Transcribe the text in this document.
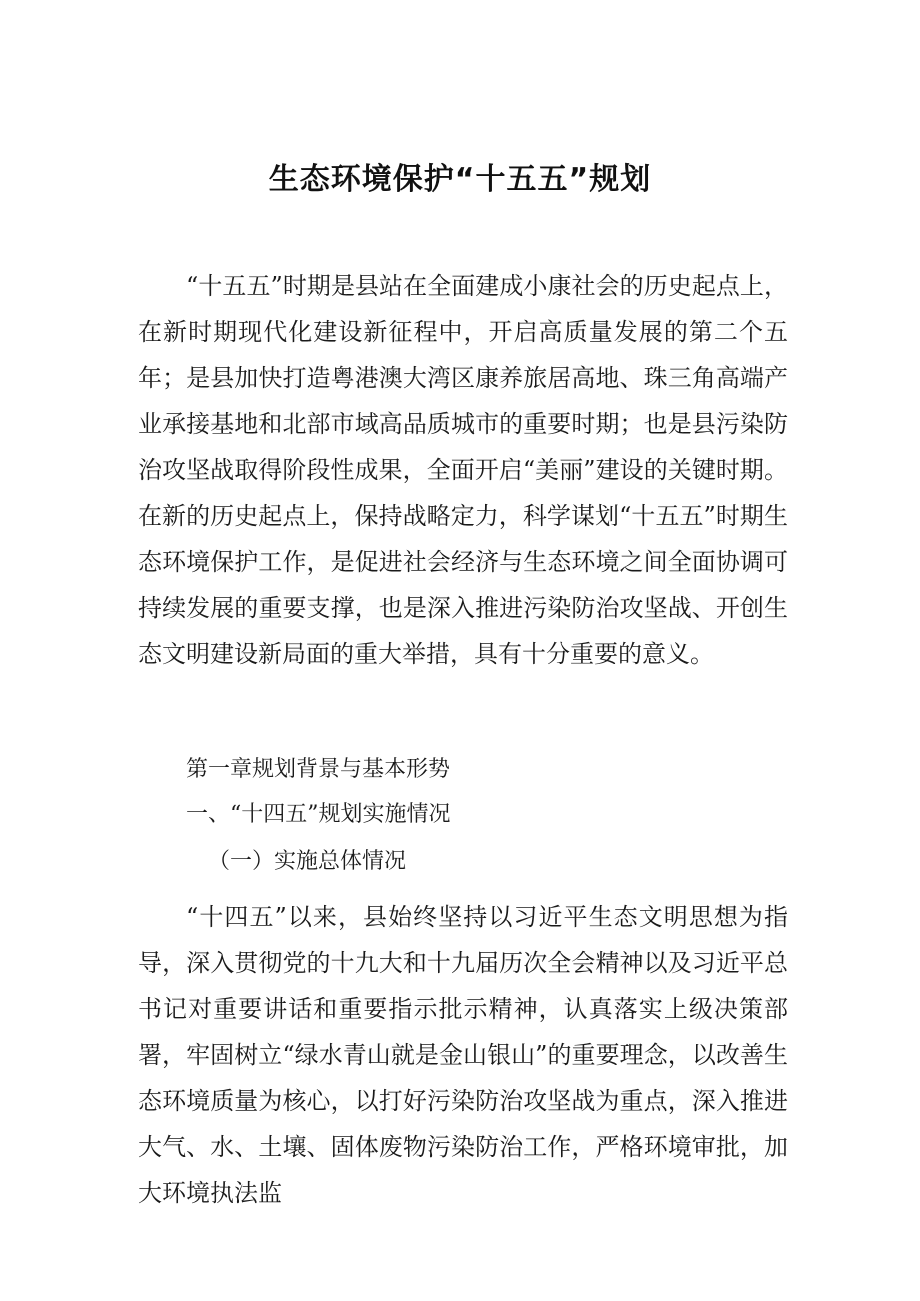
生态环境保护“十五五”规划

“十五五”时期是县站在全面建成小康社会的历史起点上，在新时期现代化建设新征程中，开启高质量发展的第二个五年；是县加快打造粤港澳大湾区康养旅居高地、珠三角高端产业承接基地和北部市域高品质城市的重要时期；也是县污染防治攻坚战取得阶段性成果，全面开启“美丽”建设的关键时期。在新的历史起点上，保持战略定力，科学谋划“十五五”时期生态环境保护工作，是促进社会经济与生态环境之间全面协调可持续发展的重要支撑，也是深入推进污染防治攻坚战、开创生态文明建设新局面的重大举措，具有十分重要的意义。

第一章规划背景与基本形势

一、“十四五”规划实施情况

（一）实施总体情况

“十四五”以来，县始终坚持以习近平生态文明思想为指导，深入贯彻党的十九大和十九届历次全会精神以及习近平总书记对重要讲话和重要指示批示精神，认真落实上级决策部署，牢固树立“绿水青山就是金山银山”的重要理念，以改善生态环境质量为核心，以打好污染防治攻坚战为重点，深入推进大气、水、土壤、固体废物污染防治工作，严格环境审批，加大环境执法监
